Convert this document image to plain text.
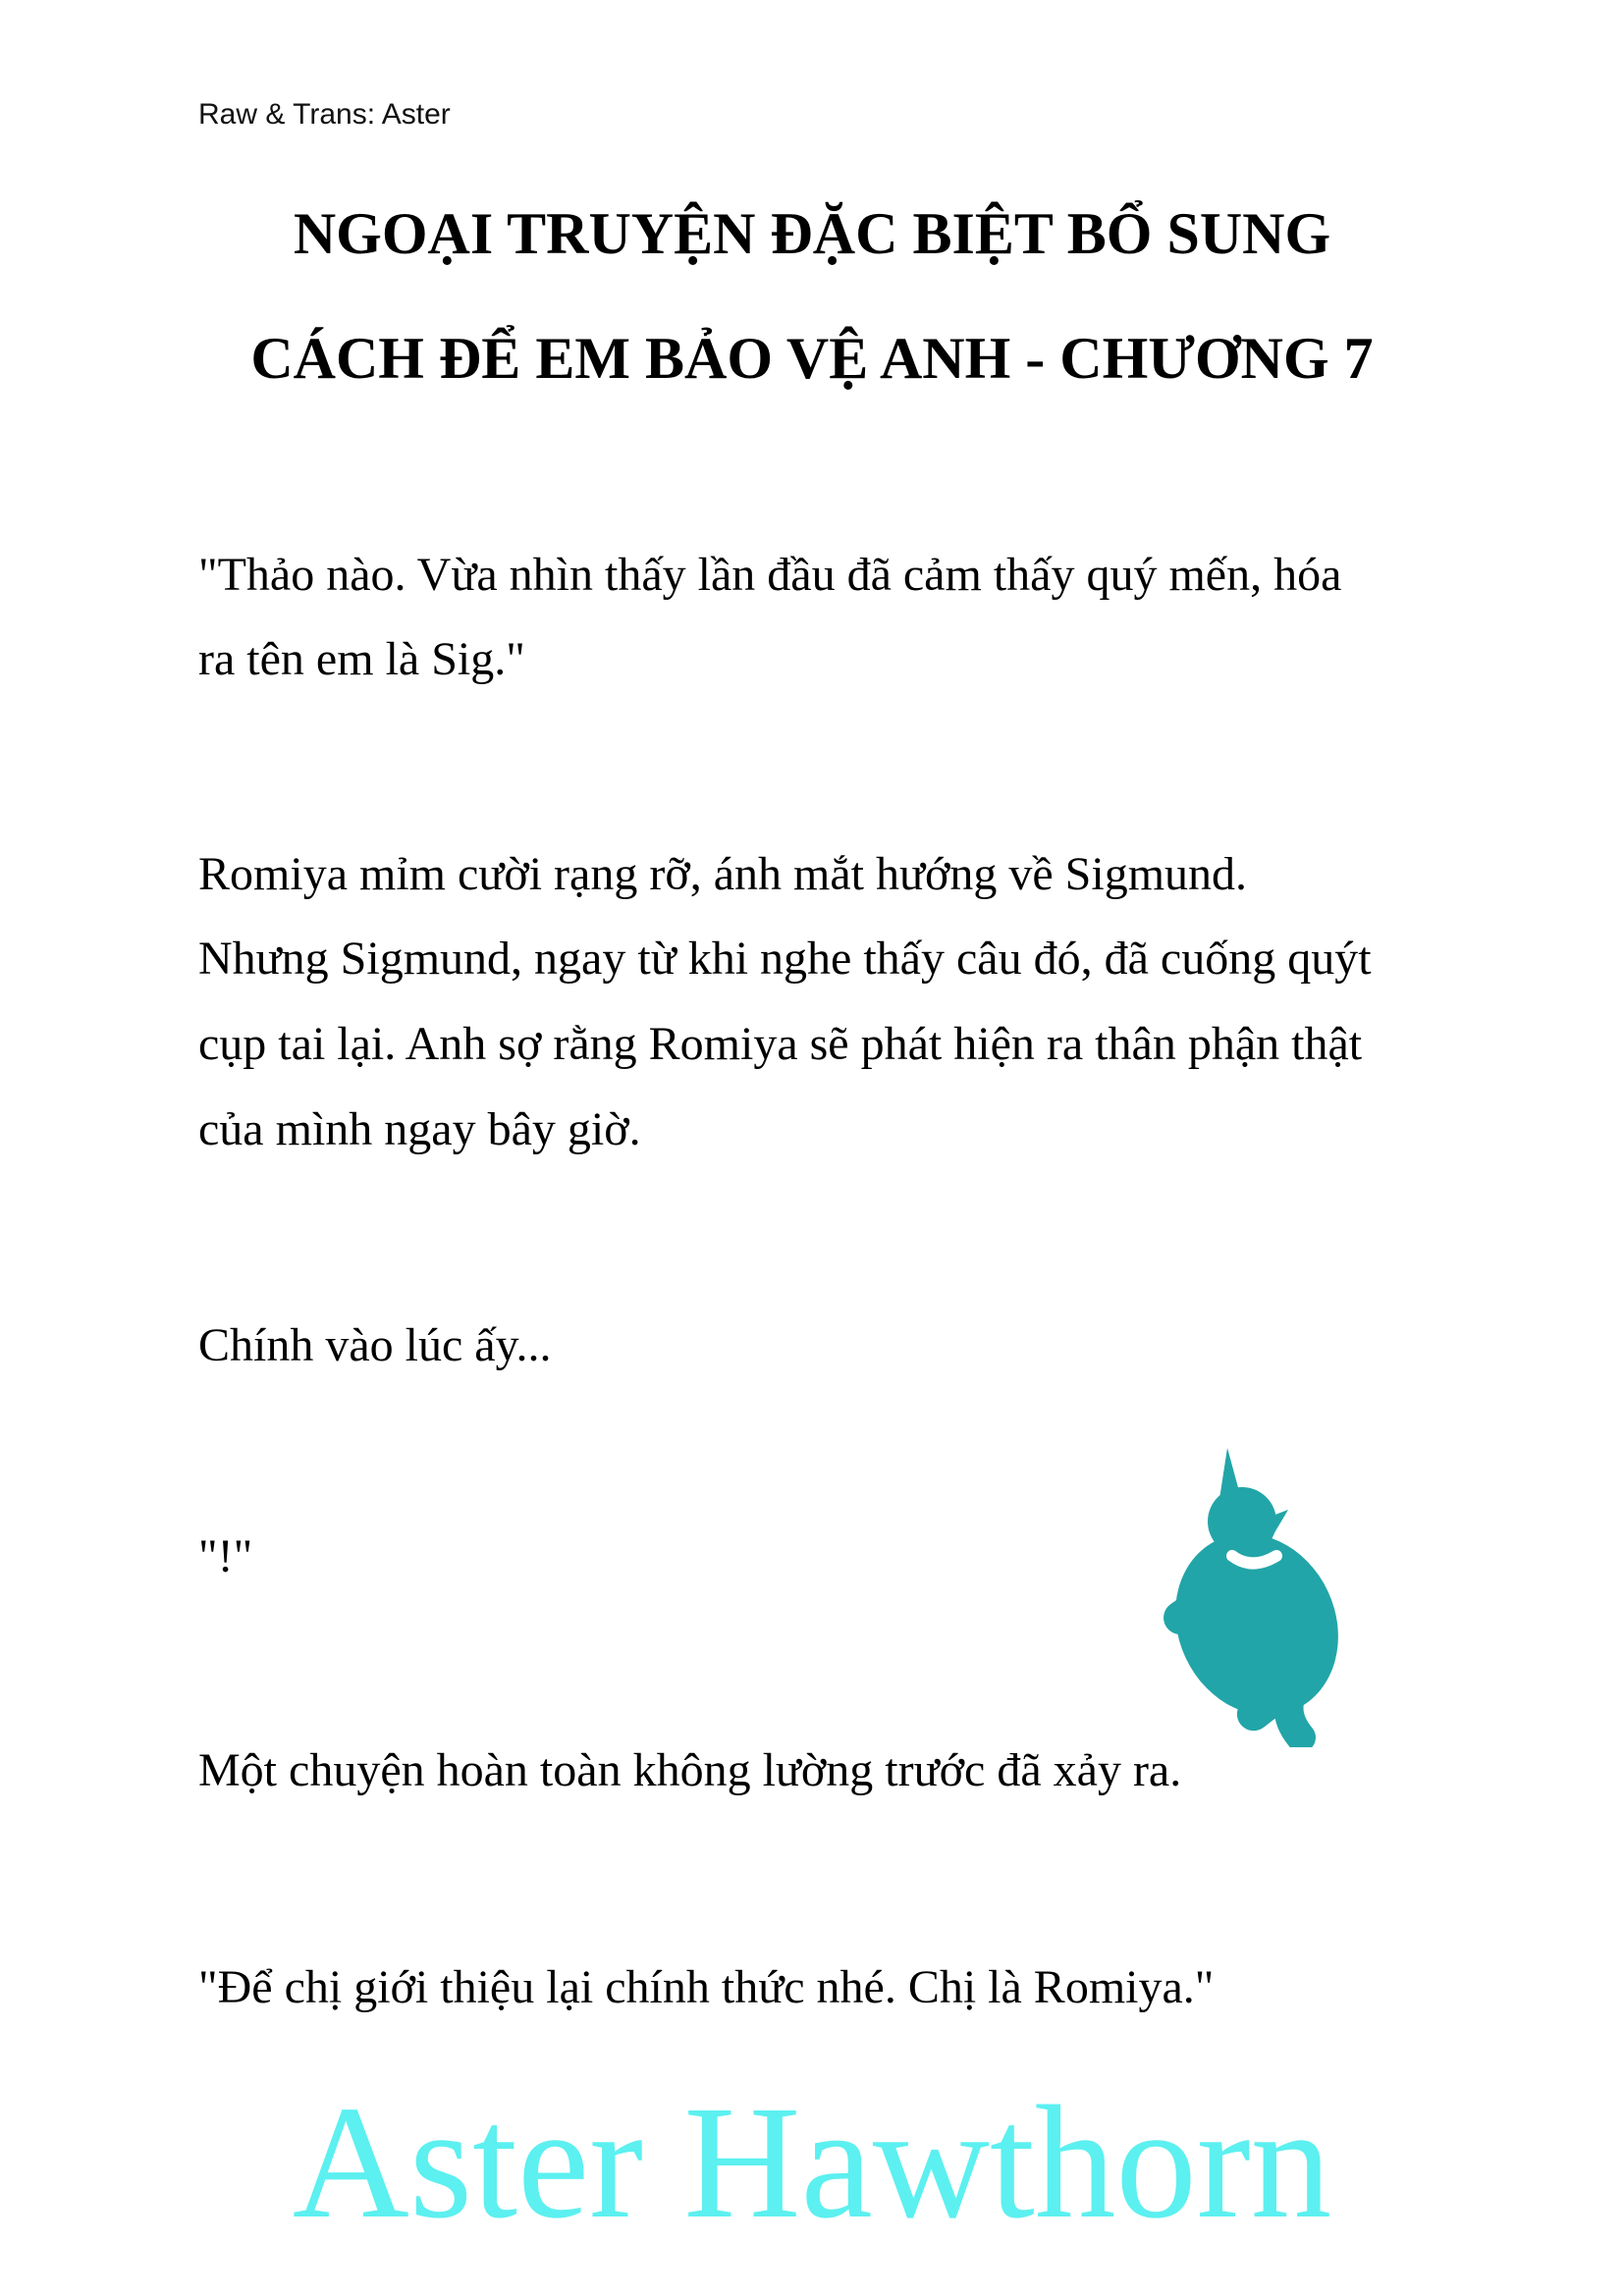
Raw & Trans: Aster
NGOẠI TRUYỆN ĐẶC BIỆT BỔ SUNG
CÁCH ĐỂ EM BẢO VỆ ANH - CHƯƠNG 7
"Thảo nào. Vừa nhìn thấy lần đầu đã cảm thấy quý mến, hóa
ra tên em là Sig."
Romiya mỉm cười rạng rỡ, ánh mắt hướng về Sigmund.
Nhưng Sigmund, ngay từ khi nghe thấy câu đó, đã cuống quýt
cụp tai lại. Anh sợ rằng Romiya sẽ phát hiện ra thân phận thật
của mình ngay bây giờ.
Chính vào lúc ấy...
"!"
Một chuyện hoàn toàn không lường trước đã xảy ra.
"Để chị giới thiệu lại chính thức nhé. Chị là Romiya."
Aster Hawthorn
